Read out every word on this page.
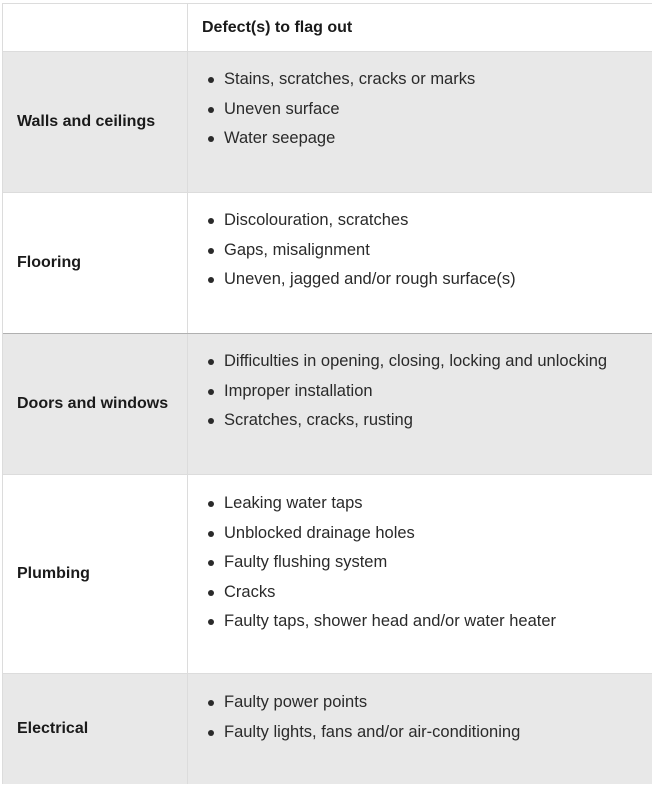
Defect(s) to flag out
Walls and ceilings
Stains, scratches, cracks or marks
Uneven surface
Water seepage
Flooring
Discolouration, scratches
Gaps, misalignment
Uneven, jagged and/or rough surface(s)
Doors and windows
Difficulties in opening, closing, locking and unlocking
Improper installation
Scratches, cracks, rusting
Plumbing
Leaking water taps
Unblocked drainage holes
Faulty flushing system
Cracks
Faulty taps, shower head and/or water heater
Electrical
Faulty power points
Faulty lights, fans and/or air-conditioning
